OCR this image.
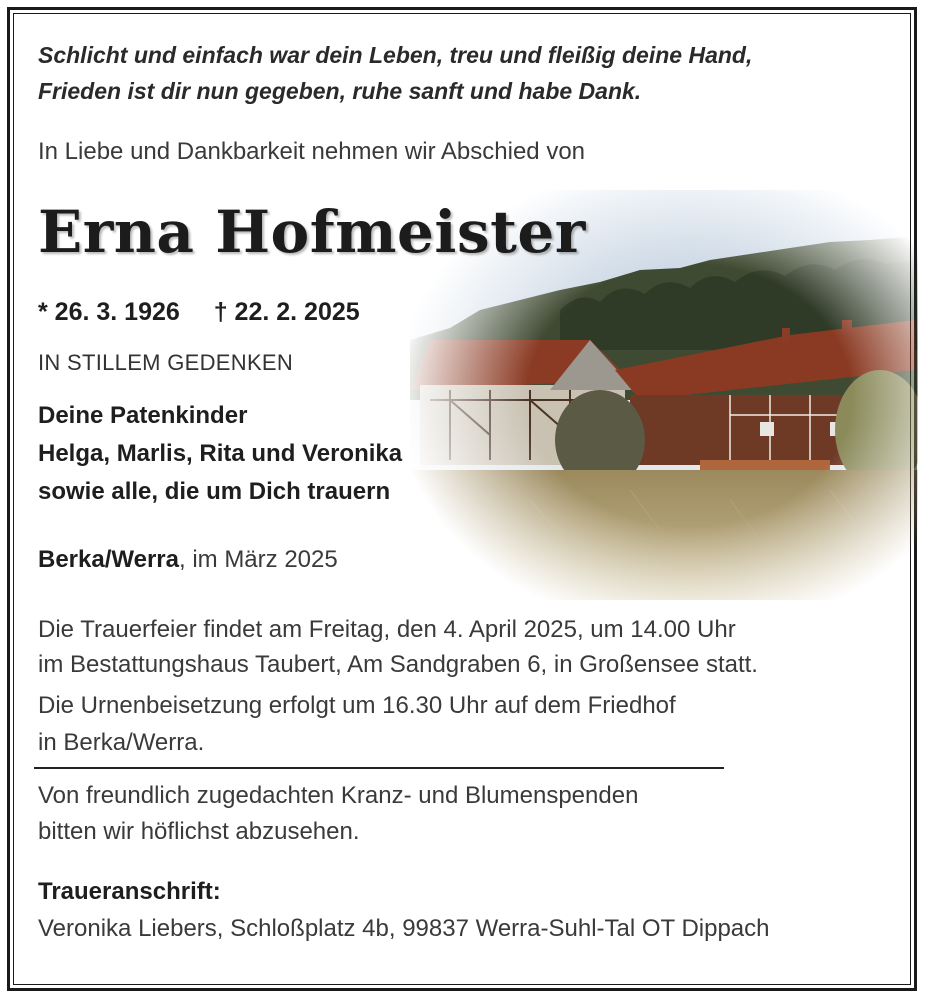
Schlicht und einfach war dein Leben, treu und fleißig deine Hand,
Frieden ist dir nun gegeben, ruhe sanft und habe Dank.
In Liebe und Dankbarkeit nehmen wir Abschied von
Erna Hofmeister
* 26. 3. 1926 † 22. 2. 2025
IN STILLEM GEDENKEN
Deine Patenkinder
Helga, Marlis, Rita und Veronika
sowie alle, die um Dich trauern
Berka/Werra, im März 2025
Die Trauerfeier findet am Freitag, den 4. April 2025, um 14.00 Uhr
im Bestattungshaus Taubert, Am Sandgraben 6, in Großensee statt.
Die Urnenbeisetzung erfolgt um 16.30 Uhr auf dem Friedhof
in Berka/Werra.
Von freundlich zugedachten Kranz- und Blumenspenden
bitten wir höflichst abzusehen.
Traueranschrift:
Veronika Liebers, Schloßplatz 4b, 99837 Werra-Suhl-Tal OT Dippach
